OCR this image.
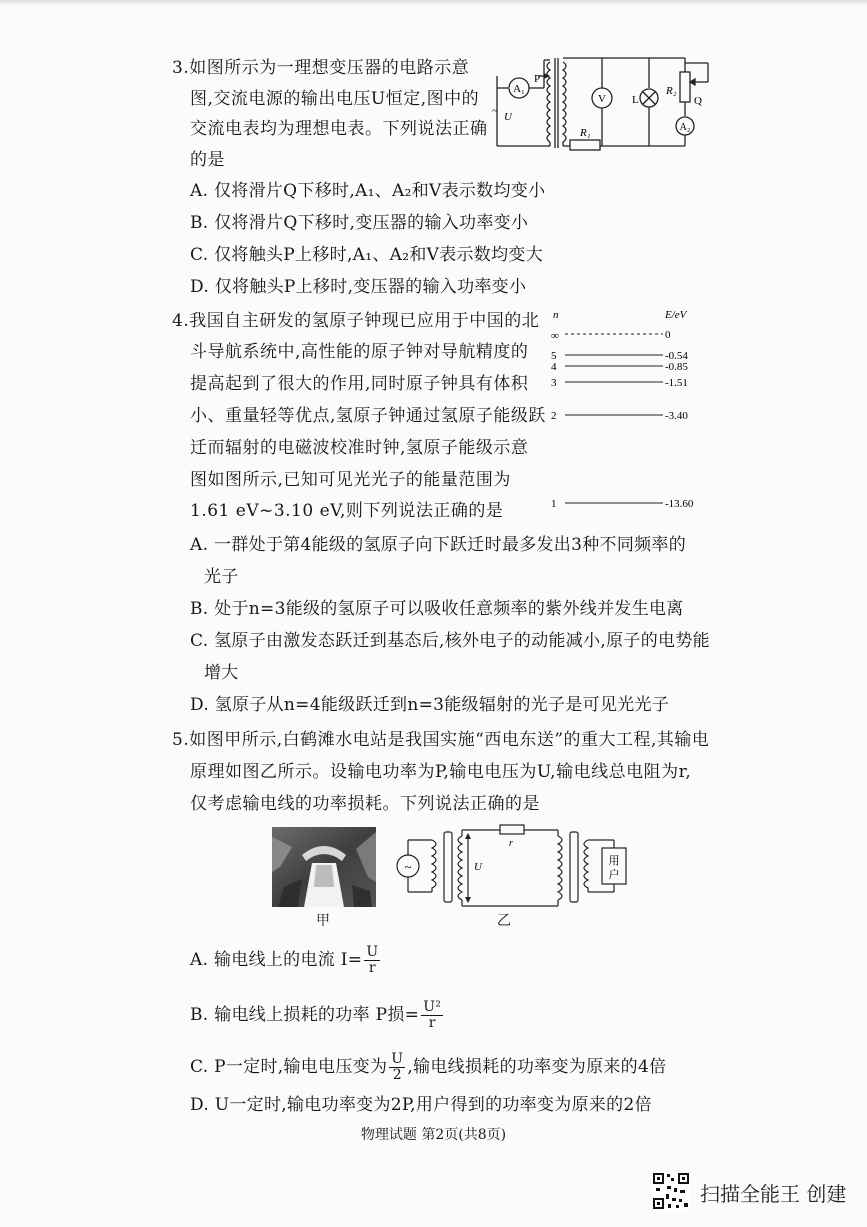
3.如图所示为一理想变压器的电路示意
图,交流电源的输出电压U恒定,图中的
交流电表均为理想电表。下列说法正确
的是
A₁
P
~ U
R₁
V L
R₂
Q
A₂
A. 仅将滑片Q下移时,A₁、A₂和V表示数均变小
B. 仅将滑片Q下移时,变压器的输入功率变小
C. 仅将触头P上移时,A₁、A₂和V表示数均变大
D. 仅将触头P上移时,变压器的输入功率变小
4.我国自主研发的氢原子钟现已应用于中国的北
斗导航系统中,高性能的原子钟对导航精度的
提高起到了很大的作用,同时原子钟具有体积
小、重量轻等优点,氢原子钟通过氢原子能级跃
迁而辐射的电磁波校准时钟,氢原子能级示意
图如图所示,已知可见光光子的能量范围为
1.61 eV~3.10 eV,则下列说法正确的是
n	E/eV
∞	0
5	-0.54
4	-0.85
3	-1.51
2	-3.40
1	-13.60
A. 一群处于第4能级的氢原子向下跃迁时最多发出3种不同频率的
光子
B. 处于n=3能级的氢原子可以吸收任意频率的紫外线并发生电离
C. 氢原子由激发态跃迁到基态后,核外电子的动能减小,原子的电势能
增大
D. 氢原子从n=4能级跃迁到n=3能级辐射的光子是可见光光子
5.如图甲所示,白鹤滩水电站是我国实施“西电东送”的重大工程,其输电
原理如图乙所示。设输电功率为P,输电电压为U,输电线总电阻为r,
仅考虑输电线的功率损耗。下列说法正确的是
甲
~	U
r
用
户
乙
A. 输电线上的电流 $I= \frac{U}{r}$
B. 输电线上损耗的功率 P损= $\frac{\text{U²}}{r}$
C. P一定时,输电电压变为 $\frac{U}{2}$ ,输电线损耗的功率变为原来的4倍
D. U一定时,输电功率变为2P,用户得到的功率变为原来的2倍
物理试题 第2页(共8页)
扫描全能王 创建
